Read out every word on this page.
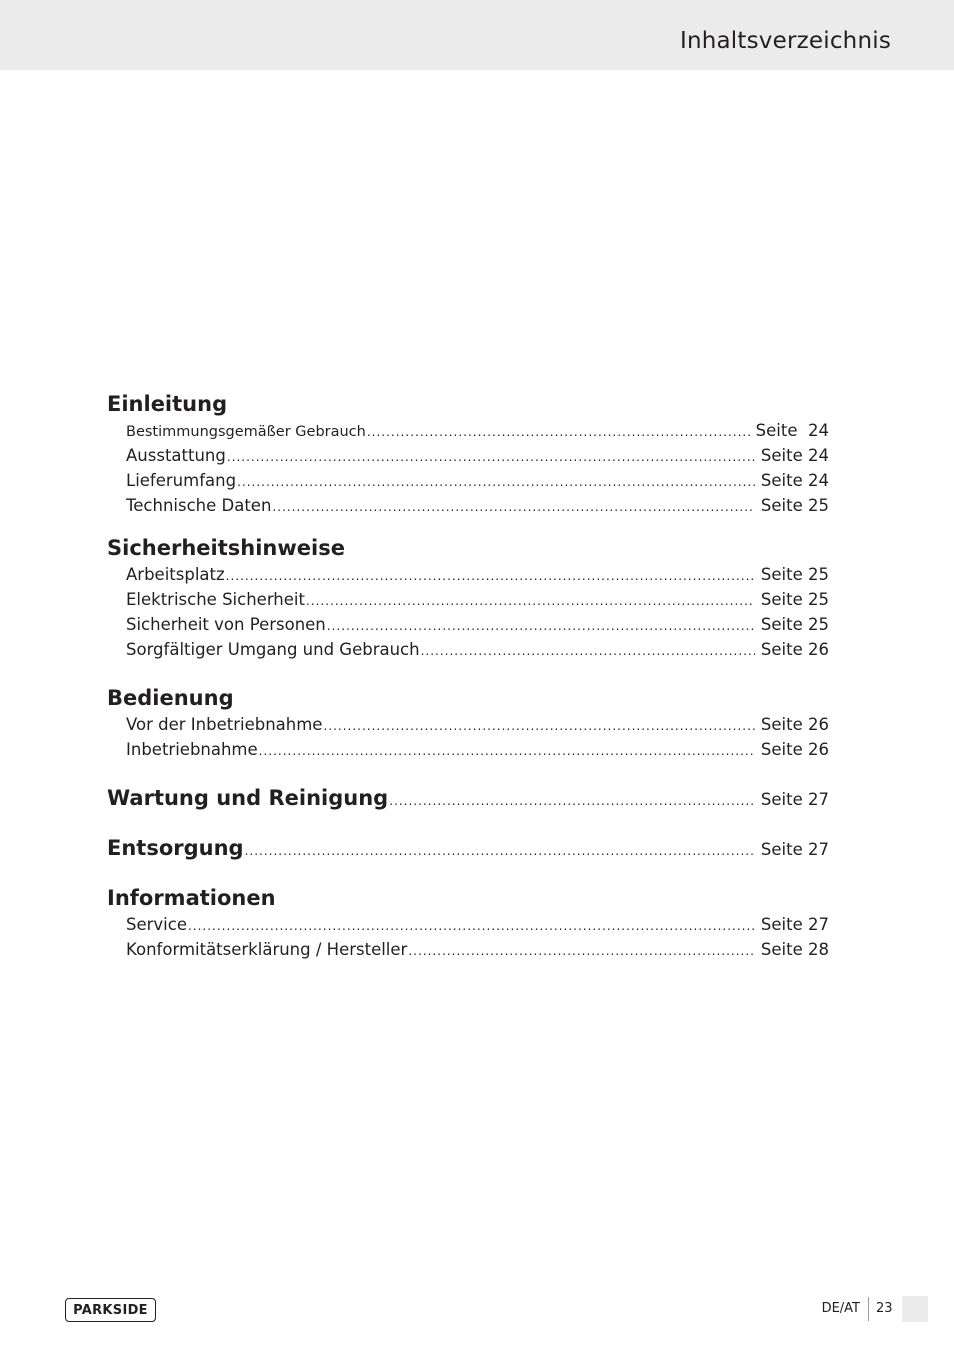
Inhaltsverzeichnis
Einleitung
Bestimmungsgemäßer Gebrauch .....	Seite  24
Ausstattung .....	Seite 24
Lieferumfang .....	Seite 24
Technische Daten .....	Seite 25
Sicherheitshinweise
Arbeitsplatz .....	Seite 25
Elektrische Sicherheit .....	Seite 25
Sicherheit von Personen .....	Seite 25
Sorgfältiger Umgang und Gebrauch .....	Seite 26
Bedienung
Vor der Inbetriebnahme .....	Seite 26
Inbetriebnahme .....	Seite 26
Wartung und Reinigung .....	Seite 27
Entsorgung .....	Seite 27
Informationen
Service .....	Seite 27
Konformitätserklärung / Hersteller .....	Seite 28
PARKSIDE	DE/AT 23
